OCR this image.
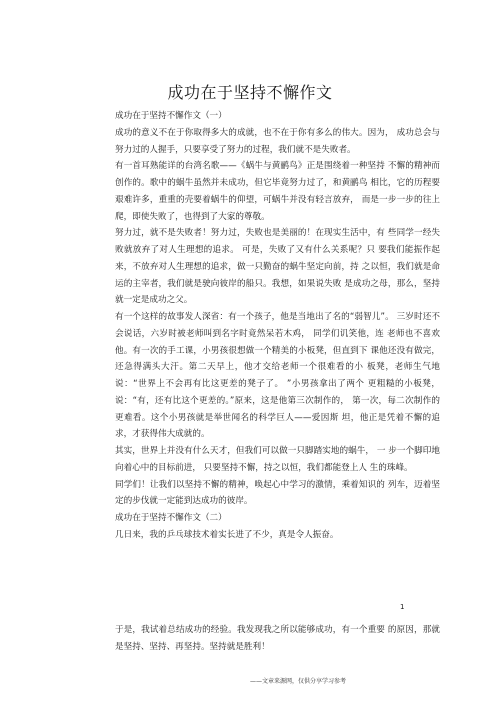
成功在于坚持不懈作文

成功在于坚持不懈作文（一）

成功的意义不在于你取得多大的成就，也不在于你有多么的伟大。因为， 成功总会与努力过的人握手，只要享受了努力的过程，我们就不是失败者。

有一首耳熟能详的台湾名歌——《蜗牛与黄鹂鸟》正是围绕着一种坚持 不懈的精神而创作的。歌中的蜗牛虽然并未成功，但它毕竟努力过了，和黄鹂鸟 相比，它的历程要艰难许多，重重的壳要着蜗牛的仰望，可蜗牛并没有轻言放弃， 而是一步一步的往上爬，即使失败了，也得到了大家的尊敬。

努力过，就不是失败者！努力过，失败也是美丽的！在现实生活中，有 些同学一经失败就放弃了对人生理想的追求。 可是，失败了又有什么关系呢？只 要我们能振作起来，不放弃对人生理想的追求，做一只勤奋的蜗牛坚定向前，持 之以恒，我们就是命运的主宰者，我们就是驶向彼岸的船只。我想，如果说失败 是成功之母，那么，坚持就一定是成功之父。

有一个这样的故事发人深省：有一个孩子，他是当地出了名的“弱智儿”。 三岁时还不会说话，六岁时被老师叫到名字时竟然呆若木鸡， 同学们讥笑他，连 老师也不喜欢他。有一次的手工课，小男孩很想做一个精美的小板凳，但直到下 课他还没有做完，还急得满头大汗。第二天早上，他才交给老师一个很难看的小 板凳，老师生气地说：“世界上不会再有比这更差的凳子了。 ”小男孩拿出了两个 更粗糙的小板凳，说：“有，还有比这个更差的。”原来，这是他第三次制作的， 第一次，每二次制作的更难看。这个小男孩就是举世闻名的科学巨人——爱因斯 坦，他正是凭着不懈的追求，才获得伟大成就的。

其实，世界上并没有什么天才，但我们可以做一只脚踏实地的蜗牛， 一 步一个脚印地向着心中的目标前进， 只要坚持不懈，持之以恒，我们都能登上人 生的珠峰。

同学们！让我们以坚持不懈的精神，唤起心中学习的激情，乘着知识的 列车，迈着坚定的步伐就一定能到达成功的彼岸。

成功在于坚持不懈作文（二）

几日来，我的乒乓球技术着实长进了不少，真是令人振奋。

1

于是，我试着总结成功的经验。我发现我之所以能够成功，有一个重要 的原因，那就是坚持、坚持、再坚持。坚持就是胜利！

——文章来源网，仅供分享学习参考
